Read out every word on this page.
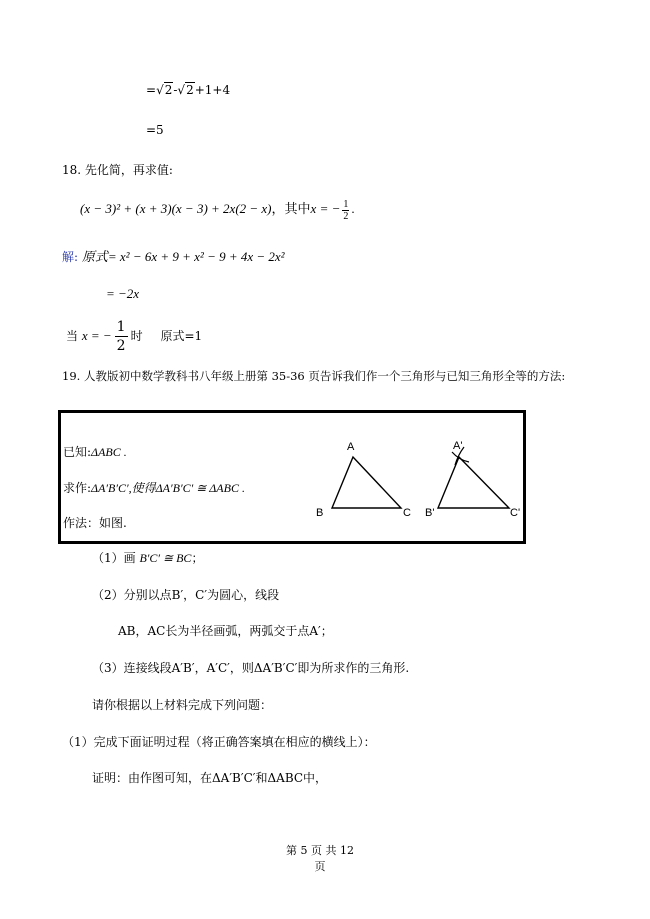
=√2-√2+1+4
=5
18. 先化简，再求值:
(x − 3)² + (x + 3)(x − 3) + 2x(2 − x)，其中x = − $\frac{1}{2}$ .
解: 原式= x² − 6x + 9 + x² − 9 + 4x − 2x²
= −2x
当 x = − $\frac{1}{2}$ 时 原式=1
19. 人教版初中数学教科书八年级上册第 35-36 页告诉我们作一个三角形与已知三角形全等的方法:
已知:ΔABC .
求作:ΔA′B′C′,使得ΔA′B′C′ ≅ ΔABC .
作法：如图.
A
B	C
A'
B'	C'
（1）画 B′C′ ≅ BC；
（2）分别以点B′，C′为圆心，线段
AB，AC长为半径画弧，两弧交于点A′；
（3）连接线段A′B′，A′C′，则ΔA′B′C′即为所求作的三角形.
请你根据以上材料完成下列问题：
（1）完成下面证明过程（将正确答案填在相应的横线上）：
证明：由作图可知，在ΔA′B′C′和ΔABC中，
第 5 页 共 12
页
